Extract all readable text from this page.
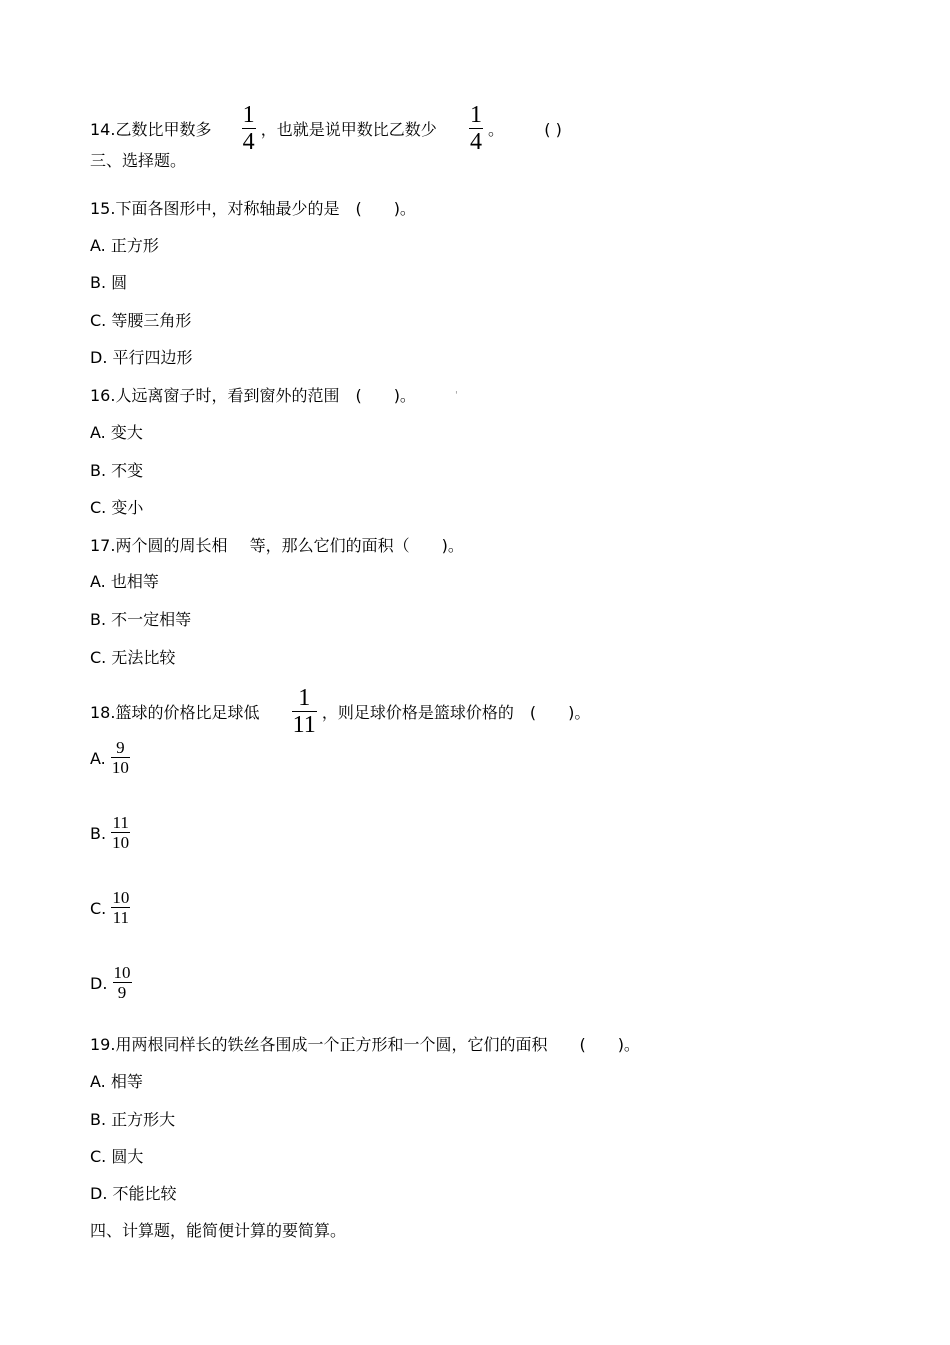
14.乙数比甲数多 $\frac{1}{4}$ ，也就是说甲数比乙数少 $\frac{1}{4}$ 。	( )
三、选择题。
15.下面各图形中，对称轴最少的是　(　　)。
A. 正方形
B. 圆
C. 等腰三角形
D. 平行四边形
16.人远离窗子时，看到窗外的范围　(　　)。	'
A. 变大
B. 不变
C. 变小
17.两个圆的周长相 等，那么它们的面积（　　)。
A. 也相等
B. 不一定相等
C. 无法比较
18.篮球的价格比足球低 $\frac{1}{11}$ ，则足球价格是篮球价格的　(　　)。
A. $\frac{9}{10}$
B. $\frac{11}{10}$
C. $\frac{10}{11}$
D. $\frac{10}{9}$
19.用两根同样长的铁丝各围成一个正方形和一个圆，它们的面积　　(　　)。
A. 相等
B. 正方形大
C. 圆大
D. 不能比较
四、计算题，能简便计算的要简算。
